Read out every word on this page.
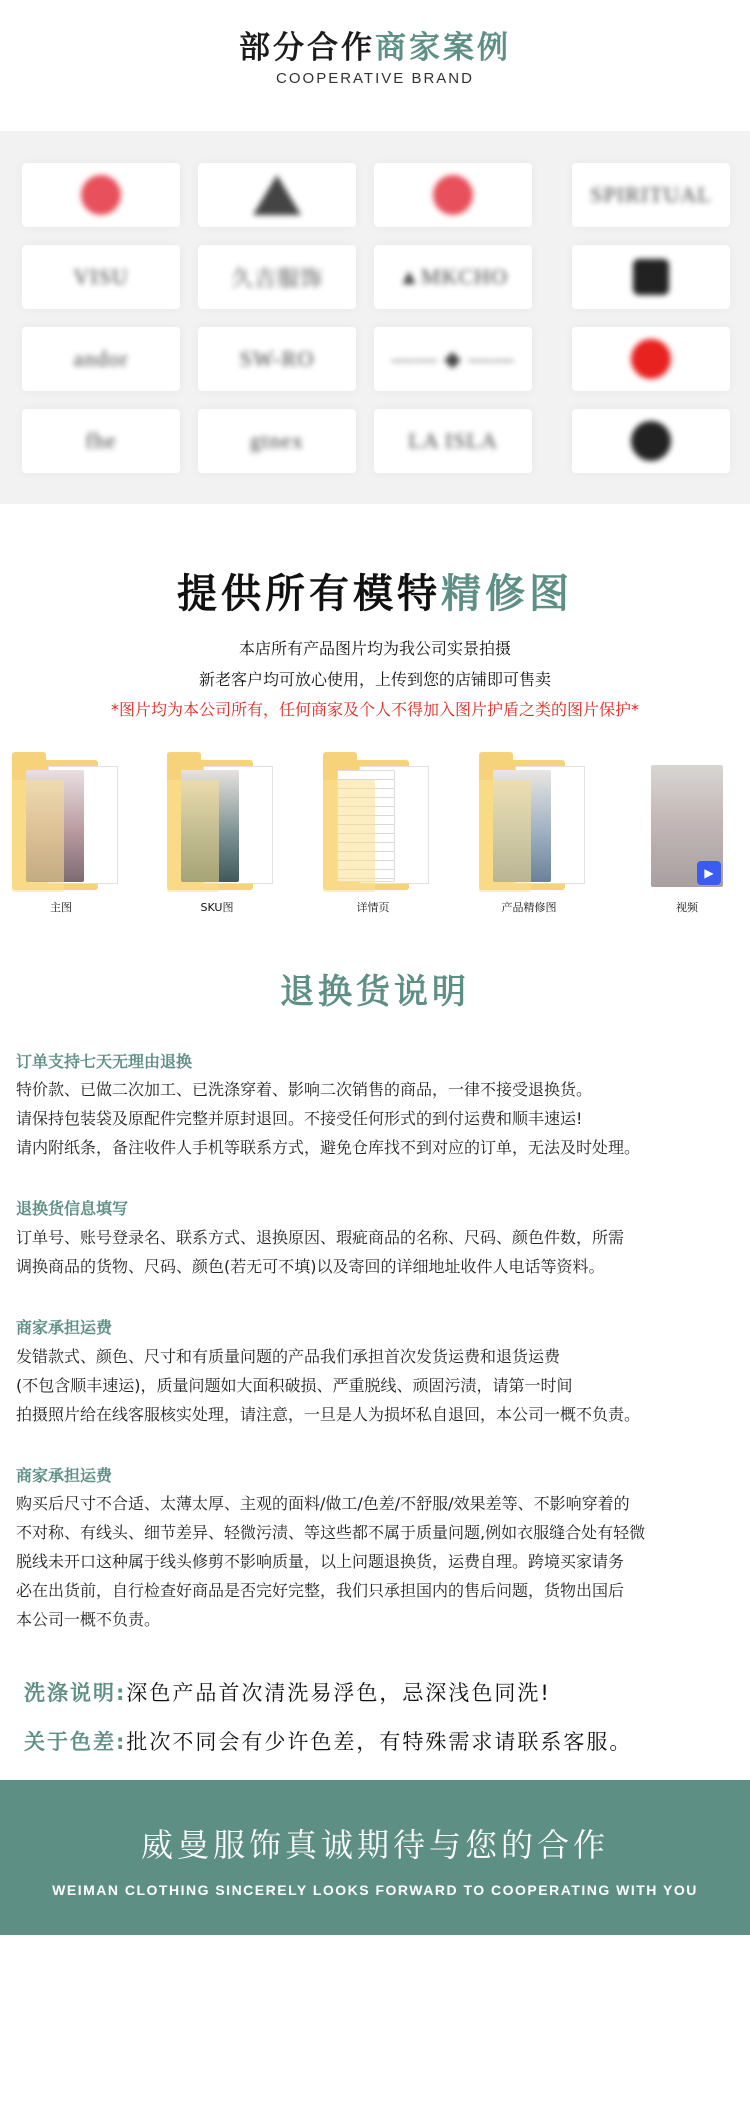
部分合作商家案例
COOPERATIVE BRAND
SPIRITUAL
VISU	久吉服饰	▲MKCHO
andor	SW-RO	—— ◆ ——
fhe	gtnex	LA ISLA
提供所有模特精修图
本店所有产品图片均为我公司实景拍摄
新老客户均可放心使用，上传到您的店铺即可售卖
*图片均为本公司所有，任何商家及个人不得加入图片护盾之类的图片保护*
▶
主图	SKU图	详情页	产品精修图	视频
退换货说明
订单支持七天无理由退换
特价款、已做二次加工、已洗涤穿着、影响二次销售的商品，一律不接受退换货。
请保持包装袋及原配件完整并原封退回。不接受任何形式的到付运费和顺丰速运!
请内附纸条，备注收件人手机等联系方式，避免仓库找不到对应的订单，无法及时处理。
退换货信息填写
订单号、账号登录名、联系方式、退换原因、瑕疵商品的名称、尺码、颜色件数，所需
调换商品的货物、尺码、颜色(若无可不填)以及寄回的详细地址收件人电话等资料。
商家承担运费
发错款式、颜色、尺寸和有质量问题的产品我们承担首次发货运费和退货运费
(不包含顺丰速运)，质量问题如大面积破损、严重脱线、顽固污渍，请第一时间
拍摄照片给在线客服核实处理，请注意，一旦是人为损坏私自退回，本公司一概不负责。
商家承担运费
购买后尺寸不合适、太薄太厚、主观的面料/做工/色差/不舒服/效果差等、不影响穿着的
不对称、有线头、细节差异、轻微污渍、等这些都不属于质量问题,例如衣服缝合处有轻微
脱线未开口这种属于线头修剪不影响质量，以上问题退换货，运费自理。跨境买家请务
必在出货前，自行检查好商品是否完好完整，我们只承担国内的售后问题，货物出国后
本公司一概不负责。
洗涤说明:深色产品首次清洗易浮色，忌深浅色同洗!
关于色差:批次不同会有少许色差，有特殊需求请联系客服。
威曼服饰真诚期待与您的合作
WEIMAN CLOTHING SINCERELY LOOKS FORWARD TO COOPERATING WITH YOU
